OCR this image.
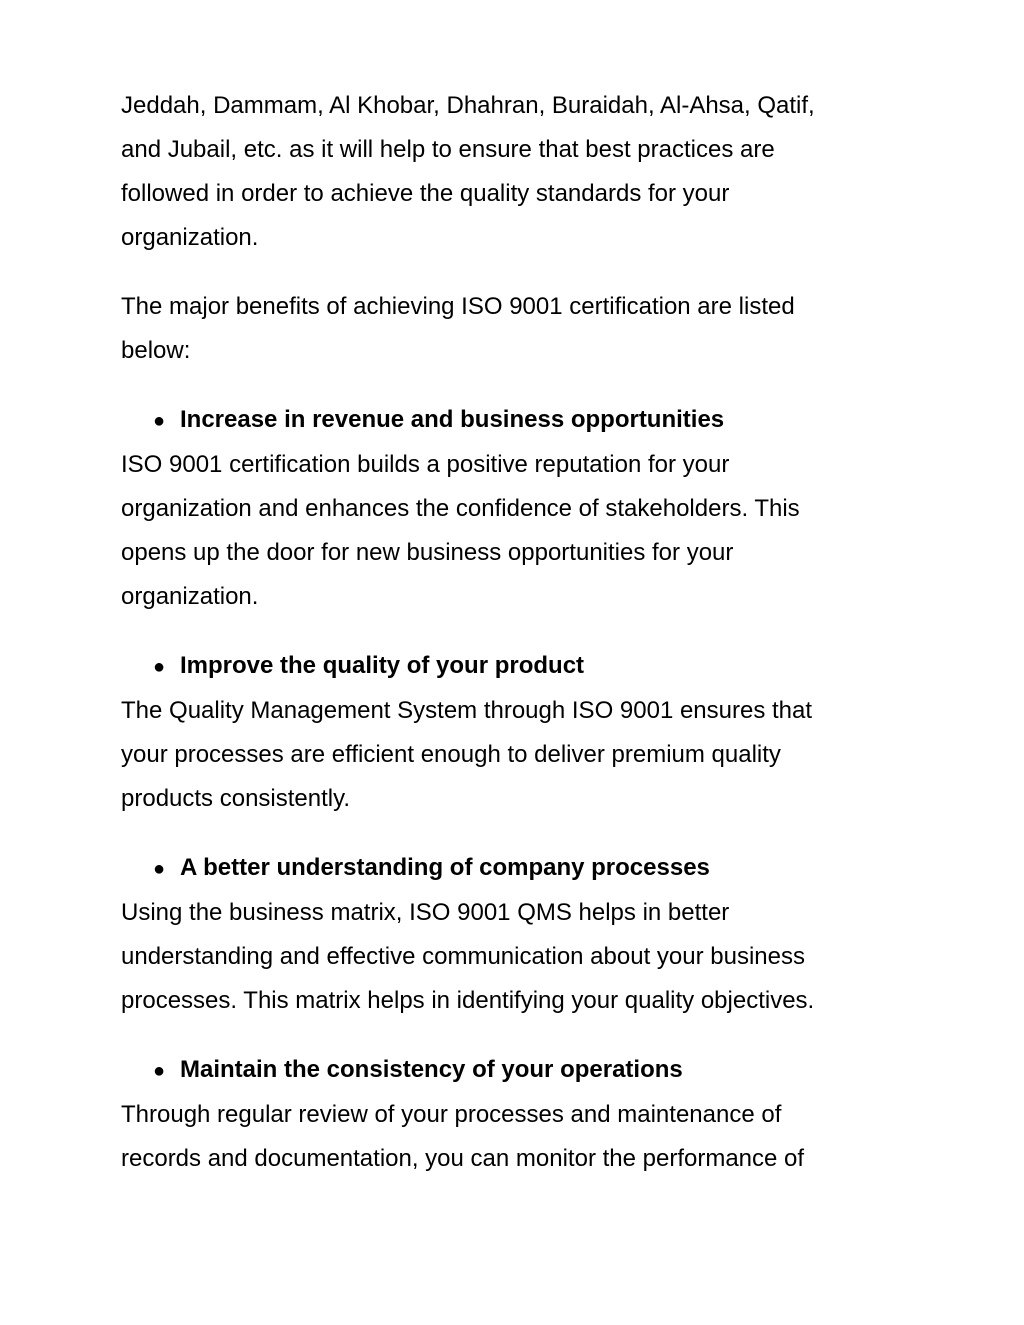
Jeddah, Dammam, Al Khobar, Dhahran, Buraidah, Al-Ahsa, Qatif,
and Jubail, etc. as it will help to ensure that best practices are
followed in order to achieve the quality standards for your
organization.

The major benefits of achieving ISO 9001 certification are listed
below:

● Increase in revenue and business opportunities

ISO 9001 certification builds a positive reputation for your
organization and enhances the confidence of stakeholders. This
opens up the door for new business opportunities for your
organization.

● Improve the quality of your product

The Quality Management System through ISO 9001 ensures that
your processes are efficient enough to deliver premium quality
products consistently.

● A better understanding of company processes

Using the business matrix, ISO 9001 QMS helps in better
understanding and effective communication about your business
processes. This matrix helps in identifying your quality objectives.

● Maintain the consistency of your operations

Through regular review of your processes and maintenance of
records and documentation, you can monitor the performance of
